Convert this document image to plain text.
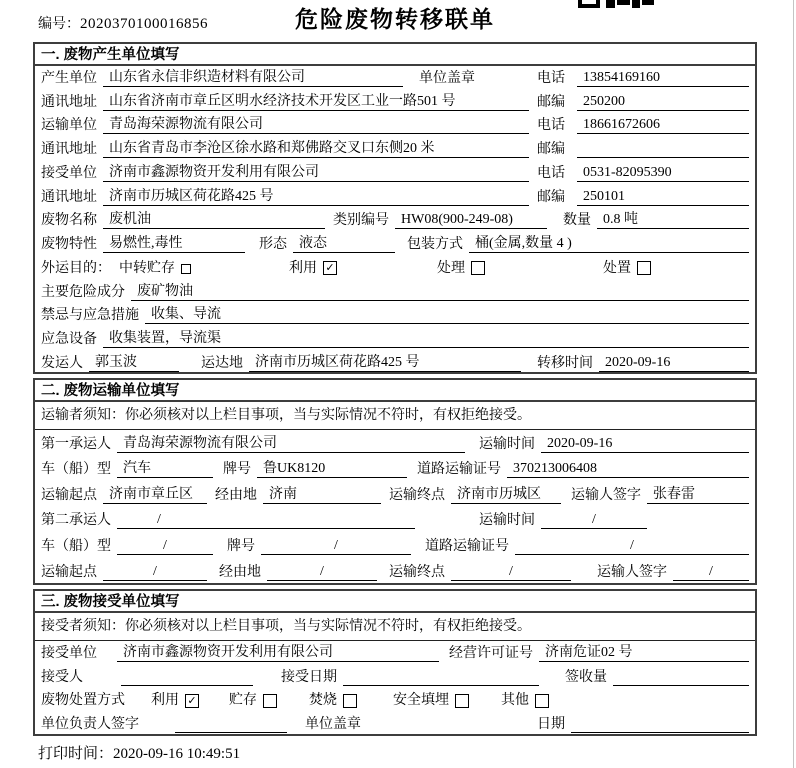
编号：2020370100016856	危险废物转移联单
一. 废物产生单位填写
产生单位 山东省永信非织造材料有限公司	单位盖章	电话	13854169160
通讯地址 山东省济南市章丘区明水经济技术开发区工业一路501 号	邮编	250200
运输单位 青岛海荣源物流有限公司	电话	18661672606
通讯地址 山东省青岛市李沧区徐水路和郑佛路交叉口东侧20 米	邮编
接受单位 济南市鑫源物资开发利用有限公司	电话	0531-82095390
通讯地址 济南市历城区荷花路425 号	邮编	250101
废物名称 废机油	类别编号 HW08(900-249-08)	数量 0.8 吨
废物特性 易燃性,毒性	形态 液态	包装方式 桶(金属,数量 4 )
外运目的： 中转贮存	利用 ✓	处理	处置
主要危险成分 废矿物油
禁忌与应急措施 收集、导流
应急设备 收集装置，导流渠
发运人 郭玉波	运达地 济南市历城区荷花路425 号	转移时间 2020-09-16
二. 废物运输单位填写
运输者须知：你必须核对以上栏目事项，当与实际情况不符时，有权拒绝接受。
第一承运人 青岛海荣源物流有限公司	运输时间 2020-09-16
车（船）型 汽车	牌号 鲁UK8120	道路运输证号 370213006408
运输起点 济南市章丘区	经由地 济南	运输终点 济南市历城区	运输人签字 张春雷
第二承运人	/	运输时间	/
车（船）型	/	牌号	/	道路运输证号	/
运输起点	/	经由地	/	运输终点	/	运输人签字	/
三. 废物接受单位填写
接受者须知：你必须核对以上栏目事项，当与实际情况不符时，有权拒绝接受。
接受单位	济南市鑫源物资开发利用有限公司	经营许可证号 济南危证02 号
接受人	接受日期	签收量
废物处置方式 利用 ✓ 贮存	焚烧	安全填埋	其他
单位负责人签字	单位盖章	日期
打印时间：2020-09-16 10:49:51
